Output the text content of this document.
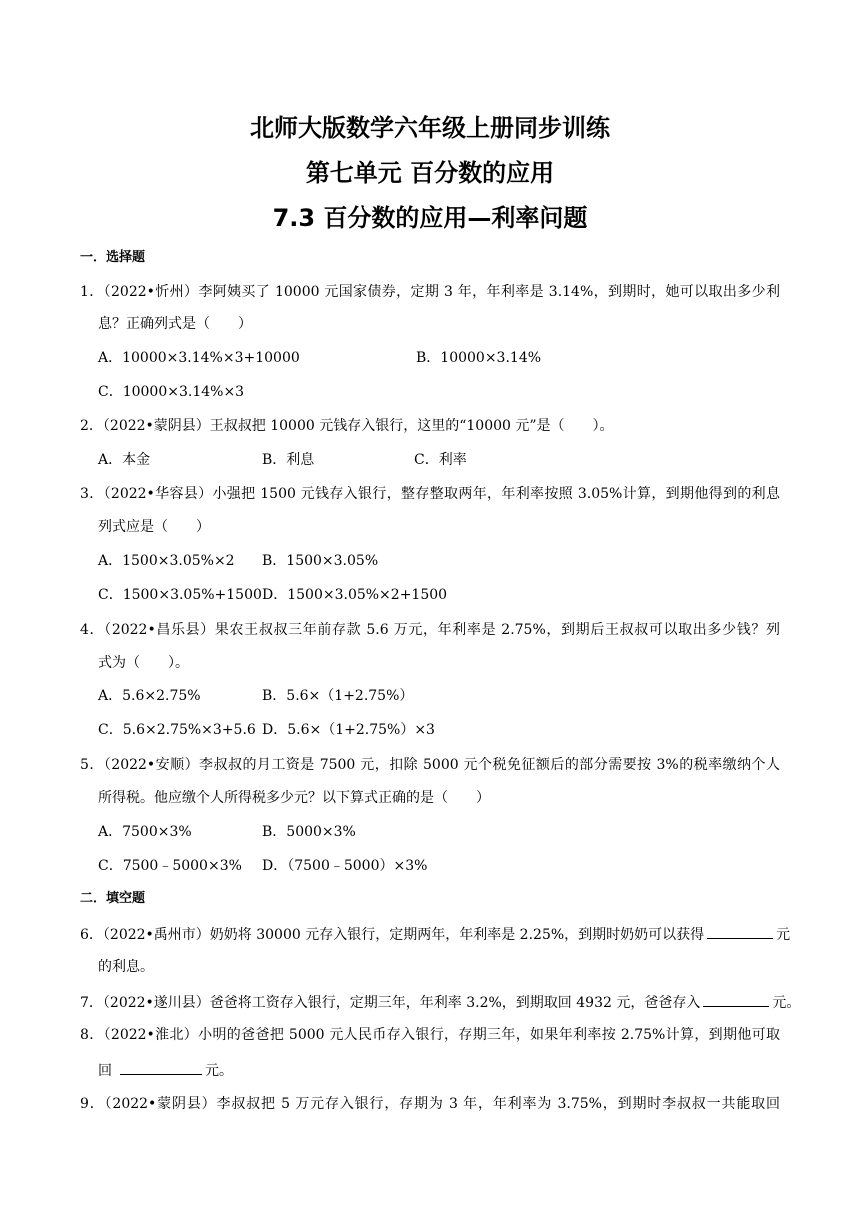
北师大版数学六年级上册同步训练
第七单元 百分数的应用
7.3 百分数的应用—利率问题
一．选择题
1．（2022•忻州）李阿姨买了 10000 元国家债券，定期 3 年，年利率是 3.14%，到期时，她可以取出多少利
息？正确列式是（　　）
A．10000×3.14%×3+10000	B．10000×3.14%
C．10000×3.14%×3
2．（2022•蒙阴县）王叔叔把 10000 元钱存入银行，这里的“10000 元”是（　　）。
A．本金	B．利息	C．利率
3．（2022•华容县）小强把 1500 元钱存入银行，整存整取两年，年利率按照 3.05%计算，到期他得到的利息
列式应是（　　）
A．1500×3.05%×2 B．1500×3.05%
C．1500×3.05%+1500 D．1500×3.05%×2+1500
4．（2022•昌乐县）果农王叔叔三年前存款 5.6 万元，年利率是 2.75%，到期后王叔叔可以取出多少钱？列
式为（　　）。
A．5.6×2.75%	B．5.6×（1+2.75%）
C．5.6×2.75%×3+5.6 D．5.6×（1+2.75%）×3
5．（2022•安顺）李叔叔的月工资是 7500 元，扣除 5000 元个税免征额后的部分需要按 3%的税率缴纳个人
所得税。他应缴个人所得税多少元？以下算式正确的是（　　）
A．7500×3%	B．5000×3%
C．7500﹣5000×3% D．（7500﹣5000）×3%
二．填空题
6．（2022•禹州市）奶奶将 30000 元存入银行，定期两年，年利率是 2.25%，到期时奶奶可以获得	元
的利息。
7．（2022•遂川县）爸爸将工资存入银行，定期三年，年利率 3.2%，到期取回 4932 元，爸爸存入	元。
8．（2022•淮北）小明的爸爸把 5000 元人民币存入银行，存期三年，如果年利率按 2.75%计算，到期他可取
回	元。
9．（2022•蒙阴县）李叔叔把 5 万元存入银行，存期为 3 年，年利率为 3.75%，到期时李叔叔一共能取回
